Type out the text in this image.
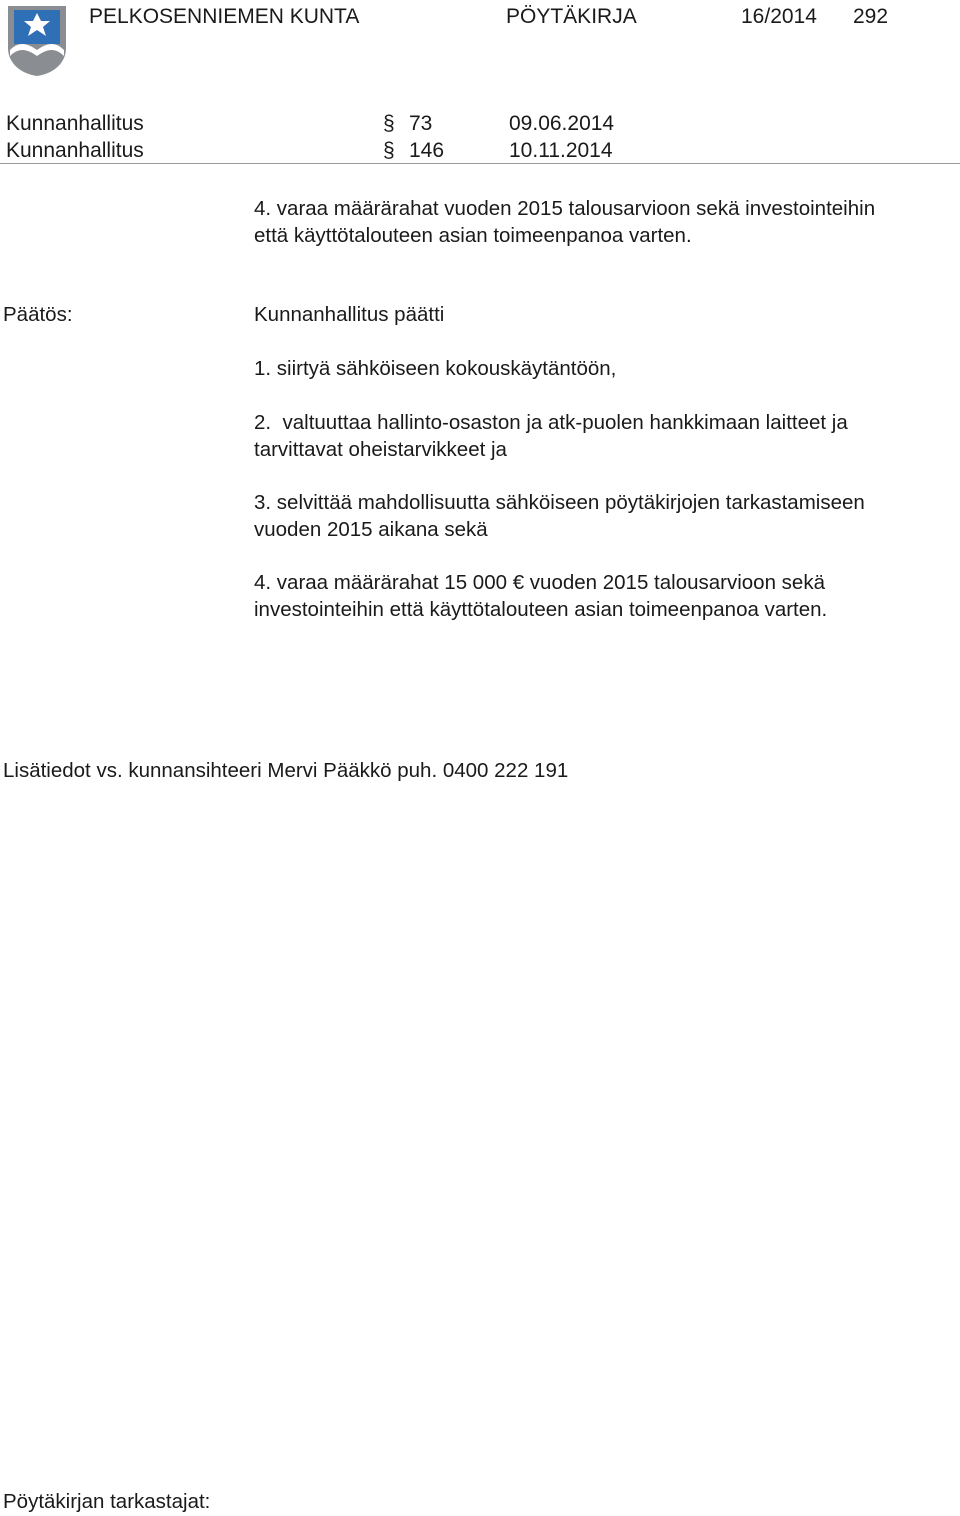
PELKOSENNIEMEN KUNTA	PÖYTÄKIRJA	16/2014 292
Kunnanhallitus	§ 73	09.06.2014
Kunnanhallitus	§ 146	10.11.2014

4. varaa määrärahat vuoden 2015 talousarvioon sekä investointeihin

että käyttötalouteen asian toimeenpanoa varten.

Päätös:	Kunnanhallitus päätti

1. siirtyä sähköiseen kokouskäytäntöön,

2.  valtuuttaa hallinto-osaston ja atk-puolen hankkimaan laitteet ja

tarvittavat oheistarvikkeet ja

3. selvittää mahdollisuutta sähköiseen pöytäkirjojen tarkastamiseen

vuoden 2015 aikana sekä

4. varaa määrärahat 15 000 € vuoden 2015 talousarvioon sekä

investointeihin että käyttötalouteen asian toimeenpanoa varten.

Lisätiedot vs. kunnansihteeri Mervi Pääkkö puh. 0400 222 191
Pöytäkirjan tarkastajat:
